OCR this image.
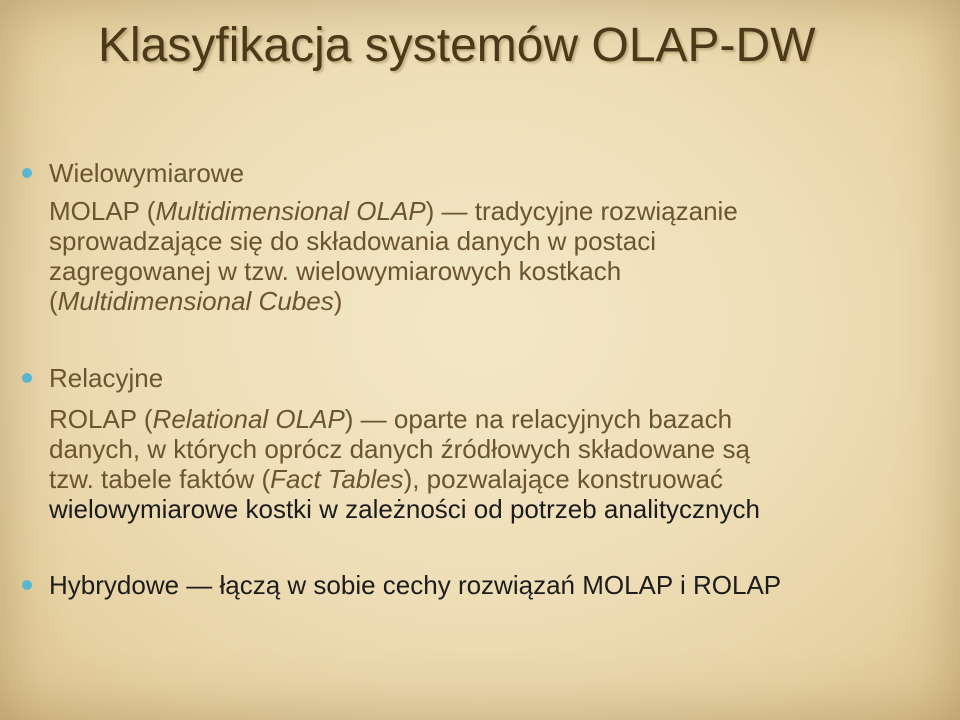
Klasyfikacja systemów OLAP-DW

Wielowymiarowe

MOLAP (Multidimensional OLAP) — tradycyjne rozwiązanie

sprowadzające się do składowania danych w postaci

zagregowanej w tzw. wielowymiarowych kostkach

(Multidimensional Cubes)

Relacyjne

ROLAP (Relational OLAP) — oparte na relacyjnych bazach

danych, w których oprócz danych źródłowych składowane są

tzw. tabele faktów (Fact Tables), pozwalające konstruować

wielowymiarowe kostki w zależności od potrzeb analitycznych

Hybrydowe — łączą w sobie cechy rozwiązań MOLAP i ROLAP
